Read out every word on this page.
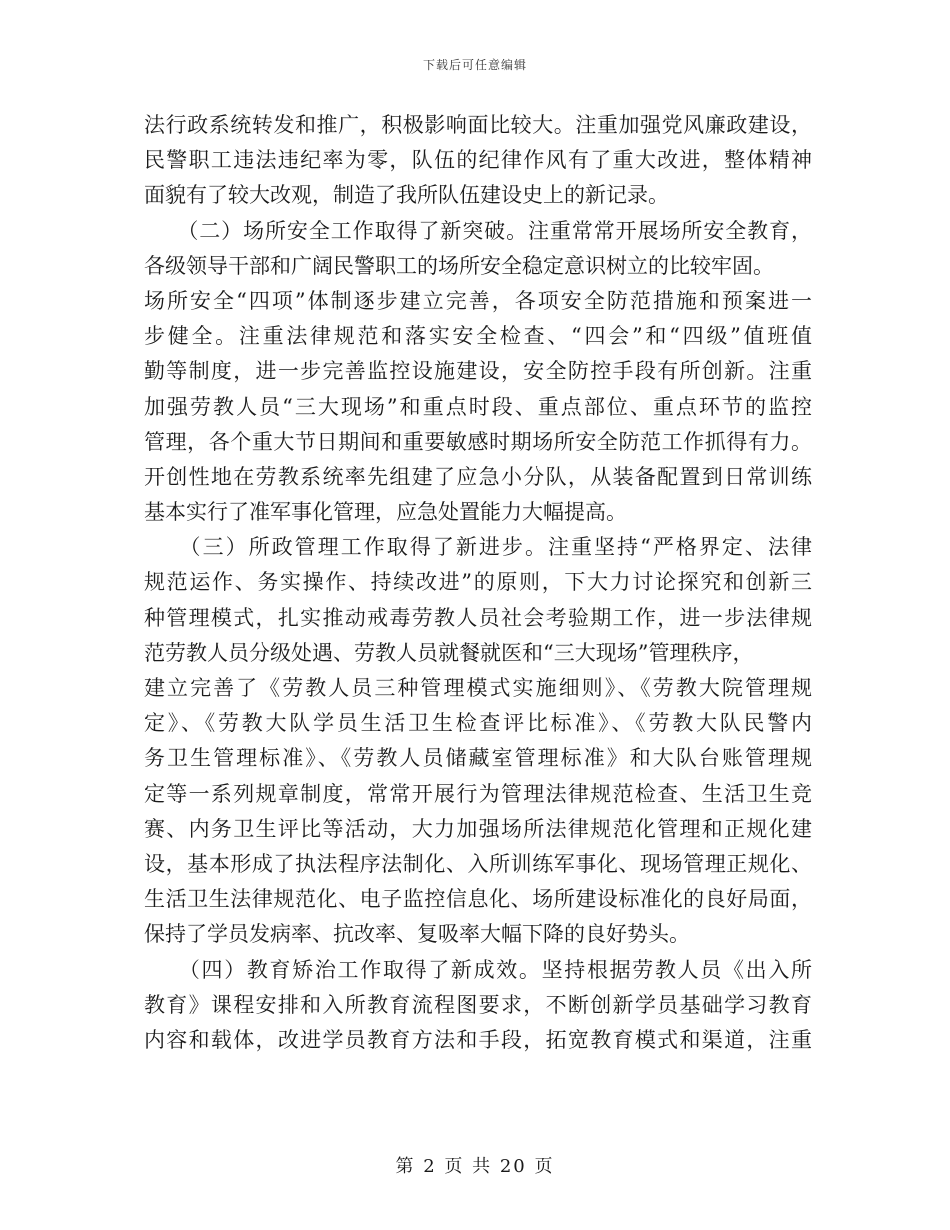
下载后可任意编辑
法行政系统转发和推广，积极影响面比较大。注重加强党风廉政建设，
民警职工违法违纪率为零，队伍的纪律作风有了重大改进，整体精神
面貌有了较大改观，制造了我所队伍建设史上的新记录。
　　（二）场所安全工作取得了新突破。注重常常开展场所安全教育，
各级领导干部和广阔民警职工的场所安全稳定意识树立的比较牢固。
场所安全“四项”体制逐步建立完善，各项安全防范措施和预案进一
步健全。注重法律规范和落实安全检查、“四会”和“四级”值班值
勤等制度，进一步完善监控设施建设，安全防控手段有所创新。注重
加强劳教人员“三大现场”和重点时段、重点部位、重点环节的监控
管理，各个重大节日期间和重要敏感时期场所安全防范工作抓得有力。
开创性地在劳教系统率先组建了应急小分队，从装备配置到日常训练
基本实行了准军事化管理，应急处置能力大幅提高。
　　（三）所政管理工作取得了新进步。注重坚持“严格界定、法律
规范运作、务实操作、持续改进”的原则，下大力讨论探究和创新三
种管理模式，扎实推动戒毒劳教人员社会考验期工作，进一步法律规
范劳教人员分级处遇、劳教人员就餐就医和“三大现场”管理秩序，
建立完善了《劳教人员三种管理模式实施细则》、《劳教大院管理规
定》、《劳教大队学员生活卫生检查评比标准》、《劳教大队民警内
务卫生管理标准》、《劳教人员储藏室管理标准》和大队台账管理规
定等一系列规章制度，常常开展行为管理法律规范检查、生活卫生竞
赛、内务卫生评比等活动，大力加强场所法律规范化管理和正规化建
设，基本形成了执法程序法制化、入所训练军事化、现场管理正规化、
生活卫生法律规范化、电子监控信息化、场所建设标准化的良好局面，
保持了学员发病率、抗改率、复吸率大幅下降的良好势头。
　　（四）教育矫治工作取得了新成效。坚持根据劳教人员《出入所
教育》课程安排和入所教育流程图要求，不断创新学员基础学习教育
内容和载体，改进学员教育方法和手段，拓宽教育模式和渠道，注重
第 2 页 共 20 页
